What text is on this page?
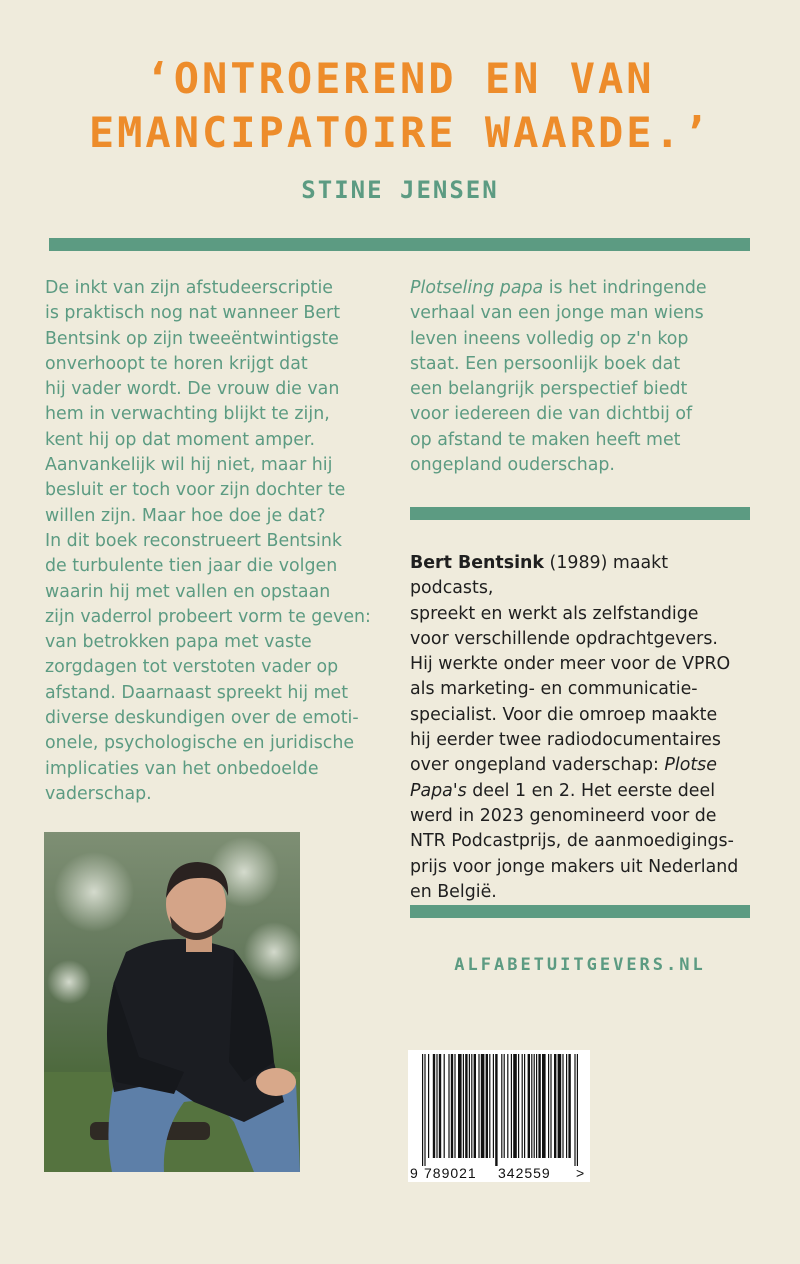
‘ONTROEREND EN VAN
EMANCIPATOIRE WAARDE.’
STINE JENSEN

De inkt van zijn afstudeerscriptie

is praktisch nog nat wanneer Bert

Bentsink op zijn tweeëntwintigste

onverhoopt te horen krijgt dat

hij vader wordt. De vrouw die van

hem in verwachting blijkt te zijn,

kent hij op dat moment amper.

Aanvankelijk wil hij niet, maar hij

besluit er toch voor zijn dochter te

willen zijn. Maar hoe doe je dat?

In dit boek reconstrueert Bentsink

de turbulente tien jaar die volgen

waarin hij met vallen en opstaan

zijn vaderrol probeert vorm te geven:

van betrokken papa met vaste

zorgdagen tot verstoten vader op

afstand. Daarnaast spreekt hij met

diverse deskundigen over de emoti-

onele, psychologische en juridische

implicaties van het onbedoelde

vaderschap.

Plotseling papa is het indringende

verhaal van een jonge man wiens

leven ineens volledig op z'n kop

staat. Een persoonlijk boek dat

een belangrijk perspectief biedt

voor iedereen die van dichtbij of

op afstand te maken heeft met

ongepland ouderschap.

Bert Bentsink (1989) maakt podcasts,

spreekt en werkt als zelfstandige

voor verschillende opdrachtgevers.

Hij werkte onder meer voor de VPRO

als marketing- en communicatie-

specialist. Voor die omroep maakte

hij eerder twee radiodocumentaires

over ongepland vaderschap: Plotse

Papa's deel 1 en 2. Het eerste deel

werd in 2023 genomineerd voor de

NTR Podcastprijs, de aanmoedigings-

prijs voor jonge makers uit Nederland

en België.

ALFABETUITGEVERS.NL
9 789021 342559 >
